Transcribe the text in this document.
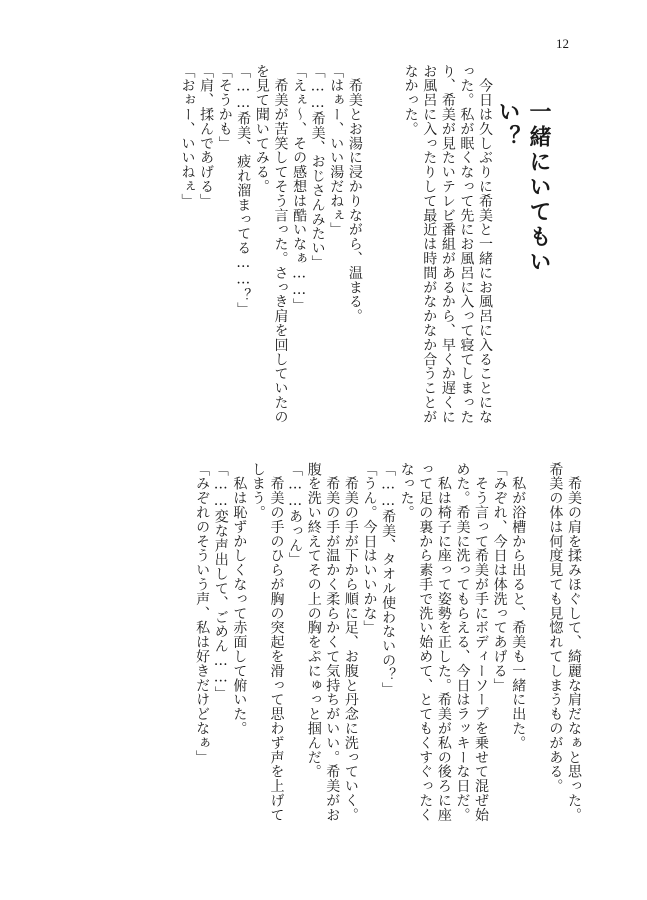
12
一緒にいてもいい？

　今日は久しぶりに希美と一緒にお風呂に入ることにな
った。私が眠くなって先にお風呂に入って寝てしまった
り、希美が見たいテレビ番組があるから、早くか遅くに
お風呂に入ったりして最近は時間がなかなか合うことが
なかった。

　希美とお湯に浸かりながら、温まる。
「はぁー、いい湯だねぇ」
「……希美、おじさんみたい」
「えぇ〜、その感想は酷いなぁ……」
　希美が苦笑してそう言った。さっき肩を回していたの
を見て聞いてみる。
「……希美、疲れ溜まってる……？」
「そうかも」
「肩、揉んであげる」
「おぉー、いいねぇ」

　希美の肩を揉みほぐして、綺麗な肩だなぁと思った。
希美の体は何度見ても見惚れてしまうものがある。

　私が浴槽から出ると、希美も一緒に出た。
「みぞれ、今日は体洗ってあげる」
　そう言って希美が手にボディーソープを乗せて混ぜ始
めた。希美に洗ってもらえる、今日はラッキーな日だ。
　私は椅子に座って姿勢を正した。希美が私の後ろに座
って足の裏から素手で洗い始めて、とてもくすぐったく
なった。
「……希美、タオル使わないの？」
「うん。今日はいいかな」
　希美の手が下から順に足、お腹と丹念に洗っていく。
　希美の手が温かく柔らかくて気持ちがいい。希美がお
腹を洗い終えてその上の胸をぷにゅっと掴んだ。
「……あっん」
　希美の手のひらが胸の突起を滑って思わず声を上げて
しまう。
　私は恥ずかしくなって赤面して俯いた。
「……変な声出して、ごめん……」
「みぞれのそういう声、私は好きだけどなぁ」
